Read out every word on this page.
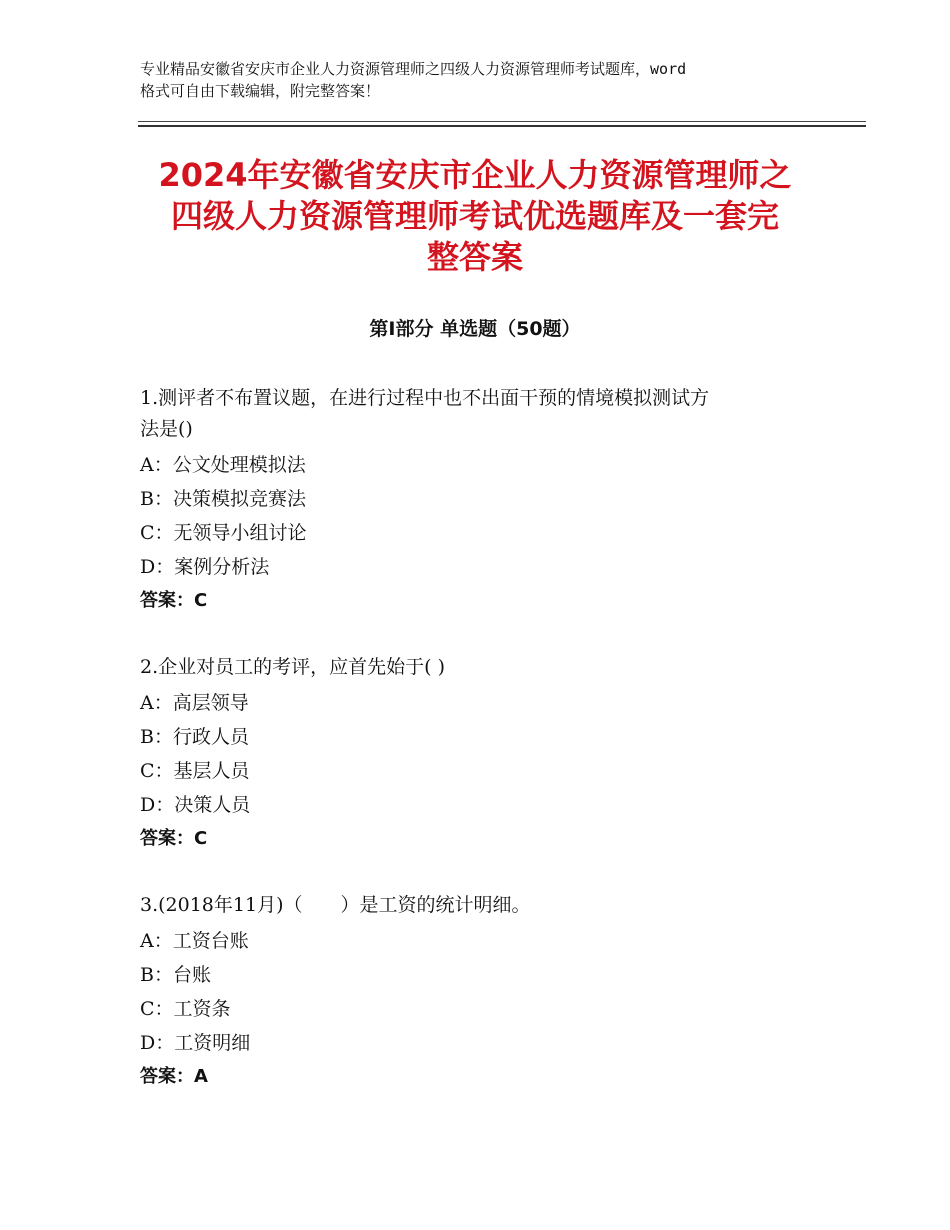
专业精品安徽省安庆市企业人力资源管理师之四级人力资源管理师考试题库，word
格式可自由下载编辑，附完整答案！
2024年安徽省安庆市企业人力资源管理师之
四级人力资源管理师考试优选题库及一套完
整答案
第Ⅰ部分 单选题（50题）
1.测评者不布置议题，在进行过程中也不出面干预的情境模拟测试方
法是()
A：公文处理模拟法
B：决策模拟竞赛法
C：无领导小组讨论
D：案例分析法
答案：C
2.企业对员工的考评，应首先始于( )
A：高层领导
B：行政人员
C：基层人员
D：决策人员
答案：C
3.(2018年11月)（　　）是工资的统计明细。
A：工资台账
B：台账
C：工资条
D：工资明细
答案：A
